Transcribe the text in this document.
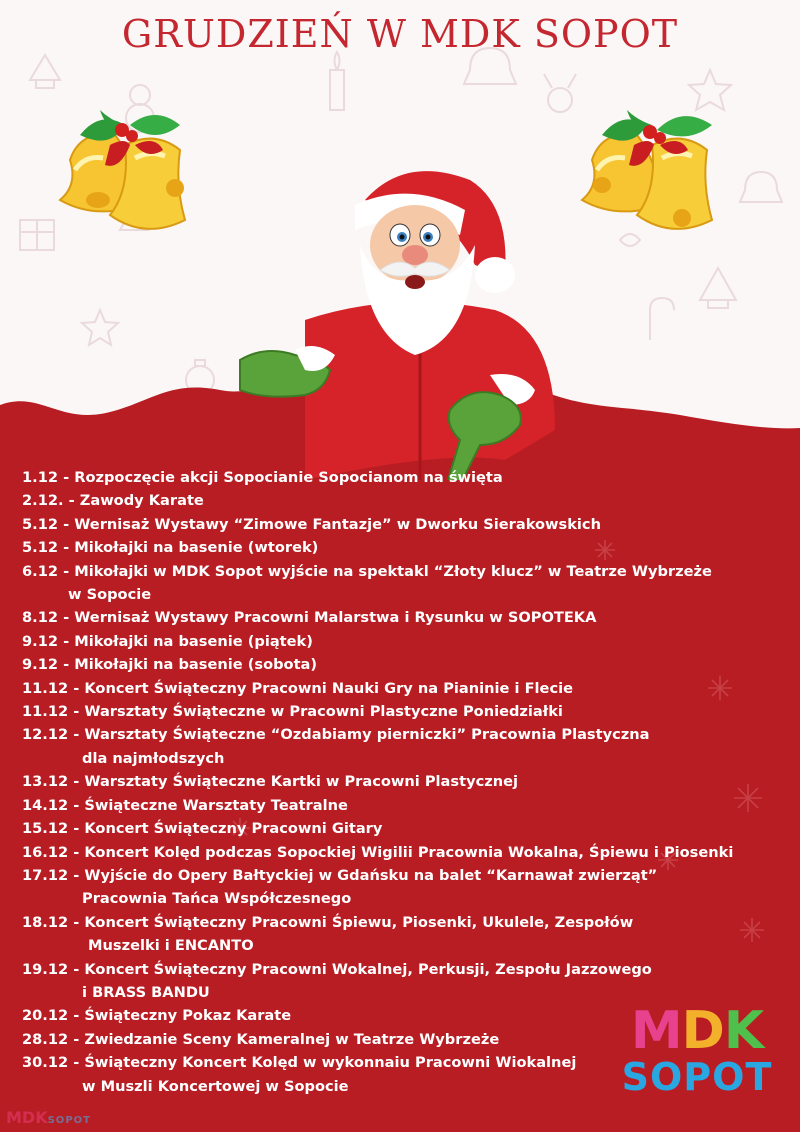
GRUDZIEŃ W MDK SOPOT
1.12 - Rozpoczęcie akcji Sopocianie Sopocianom na święta
2.12. - Zawody Karate
5.12 - Wernisaż Wystawy “Zimowe Fantazje” w Dworku Sierakowskich
5.12 - Mikołajki na basenie (wtorek)
6.12 - Mikołajki w MDK Sopot wyjście na spektakl “Złoty klucz” w Teatrze Wybrzeże
w Sopocie
8.12 - Wernisaż Wystawy Pracowni Malarstwa i Rysunku w SOPOTEKA
9.12 - Mikołajki na basenie (piątek)
9.12 - Mikołajki na basenie (sobota)
11.12 - Koncert Świąteczny Pracowni Nauki Gry na Pianinie i Flecie
11.12 - Warsztaty Świąteczne w Pracowni Plastyczne Poniedziałki
12.12 - Warsztaty Świąteczne “Ozdabiamy pierniczki” Pracownia Plastyczna
dla najmłodszych
13.12 - Warsztaty Świąteczne Kartki w Pracowni Plastycznej
14.12 - Świąteczne Warsztaty Teatralne
15.12 - Koncert Świąteczny Pracowni Gitary
16.12 - Koncert Kolęd podczas Sopockiej Wigilii Pracownia Wokalna, Śpiewu i Piosenki
17.12 - Wyjście do Opery Bałtyckiej w Gdańsku na balet “Karnawał zwierząt”
Pracownia Tańca Współczesnego
18.12 - Koncert Świąteczny Pracowni Śpiewu, Piosenki, Ukulele, Zespołów
Muszelki i ENCANTO
19.12 - Koncert Świąteczny Pracowni Wokalnej, Perkusji, Zespołu Jazzowego
i BRASS BANDU
20.12 - Świąteczny Pokaz Karate
28.12 - Zwiedzanie Sceny Kameralnej w Teatrze Wybrzeże
30.12 - Świąteczny Koncert Kolęd w wykonnaiu Pracowni Wiokalnej
w Muszli Koncertowej w Sopocie
MDK
SOPOT
MDKSOPOT
